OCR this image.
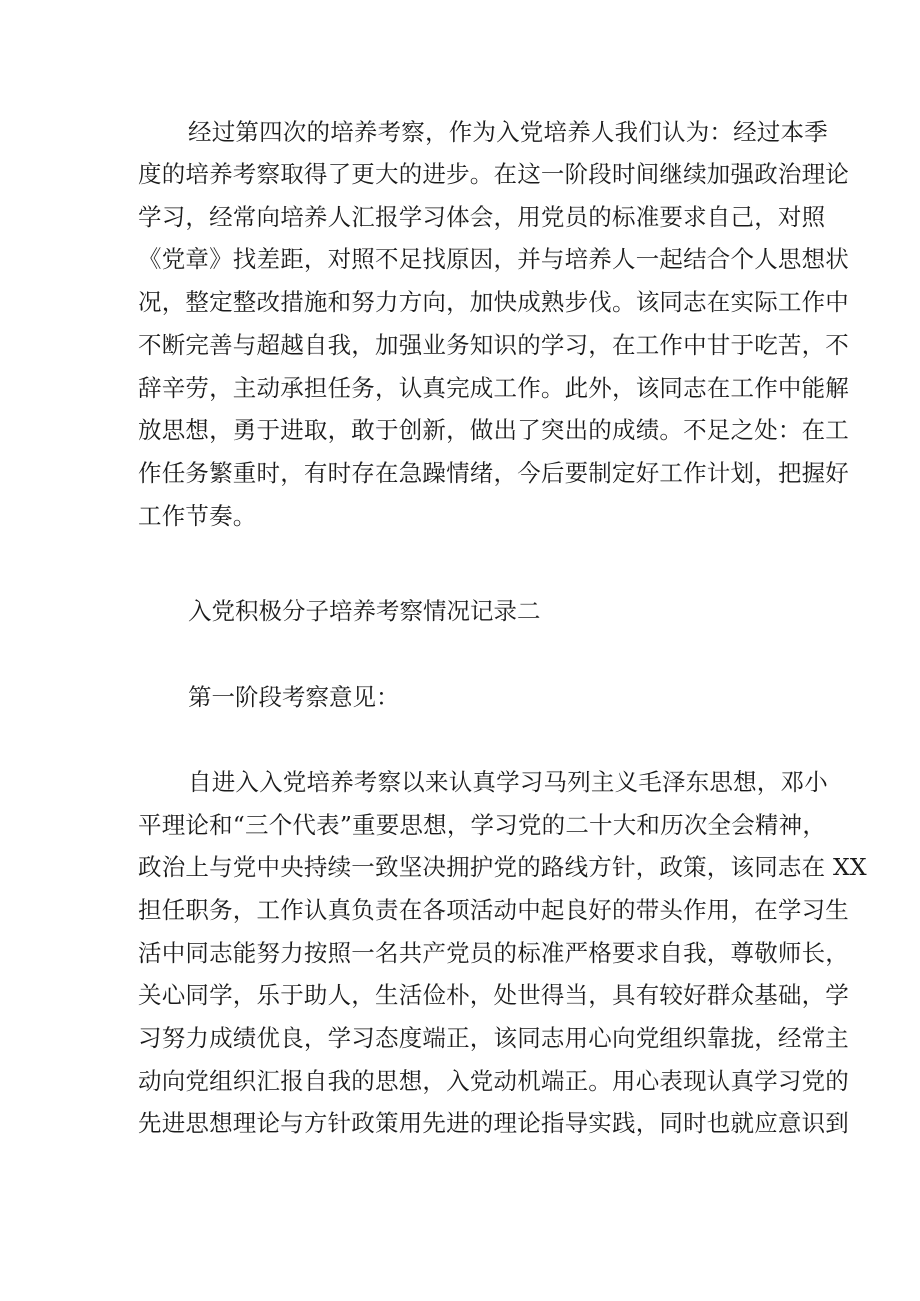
经过第四次的培养考察，作为入党培养人我们认为：经过本季
度的培养考察取得了更大的进步。在这一阶段时间继续加强政治理论
学习，经常向培养人汇报学习体会，用党员的标准要求自己，对照
《党章》找差距，对照不足找原因，并与培养人一起结合个人思想状
况，整定整改措施和努力方向，加快成熟步伐。该同志在实际工作中
不断完善与超越自我，加强业务知识的学习，在工作中甘于吃苦，不
辞辛劳，主动承担任务，认真完成工作。此外，该同志在工作中能解
放思想，勇于进取，敢于创新，做出了突出的成绩。不足之处：在工
作任务繁重时，有时存在急躁情绪，今后要制定好工作计划，把握好
工作节奏。
入党积极分子培养考察情况记录二
第一阶段考察意见：
自进入入党培养考察以来认真学习马列主义毛泽东思想，邓小
平理论和“三个代表”重要思想，学习党的二十大和历次全会精神，
政治上与党中央持续一致坚决拥护党的路线方针，政策，该同志在 XX
担任职务，工作认真负责在各项活动中起良好的带头作用，在学习生
活中同志能努力按照一名共产党员的标准严格要求自我，尊敬师长，
关心同学，乐于助人，生活俭朴，处世得当，具有较好群众基础，学
习努力成绩优良，学习态度端正，该同志用心向党组织靠拢，经常主
动向党组织汇报自我的思想，入党动机端正。用心表现认真学习党的
先进思想理论与方针政策用先进的理论指导实践，同时也就应意识到
